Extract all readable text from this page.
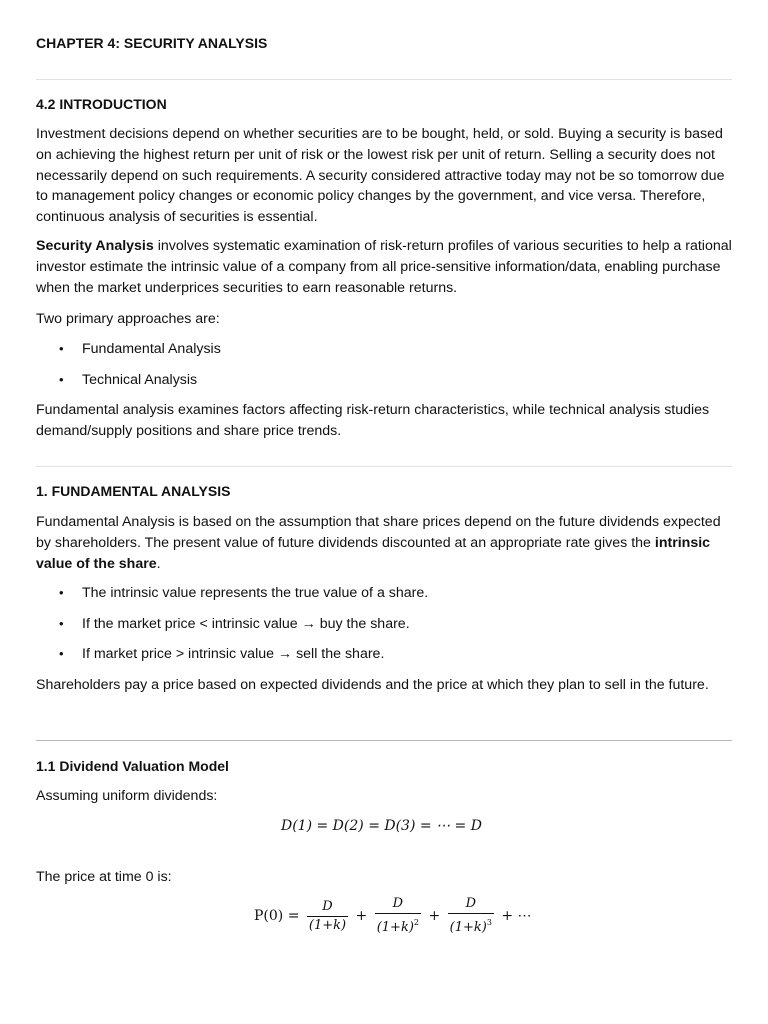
CHAPTER 4: SECURITY ANALYSIS
4.2 INTRODUCTION

Investment decisions depend on whether securities are to be bought, held, or sold. Buying a security is based on achieving the highest return per unit of risk or the lowest risk per unit of return. Selling a security does not necessarily depend on such requirements. A security considered attractive today may not be so tomorrow due to management policy changes or economic policy changes by the government, and vice versa. Therefore, continuous analysis of securities is essential.

Security Analysis involves systematic examination of risk-return profiles of various securities to help a rational investor estimate the intrinsic value of a company from all price-sensitive information/data, enabling purchase when the market underprices securities to earn reasonable returns.

Two primary approaches are:

• Fundamental Analysis
• Technical Analysis

Fundamental analysis examines factors affecting risk-return characteristics, while technical analysis studies demand/supply positions and share price trends.

1. FUNDAMENTAL ANALYSIS

Fundamental Analysis is based on the assumption that share prices depend on the future dividends expected by shareholders. The present value of future dividends discounted at an appropriate rate gives the intrinsic value of the share.

• The intrinsic value represents the true value of a share.
• If the market price < intrinsic value → buy the share.
• If market price > intrinsic value → sell the share.

Shareholders pay a price based on expected dividends and the price at which they plan to sell in the future.

1.1 Dividend Valuation Model

Assuming uniform dividends:

D(1) = D(2) = D(3) = ⋯ = D

The price at time 0 is:

$P(0) = \frac{D}{(1+k)} + \frac{D}{(1+k)^2} + \frac{D}{(1+k)^3}$ + ⋯
